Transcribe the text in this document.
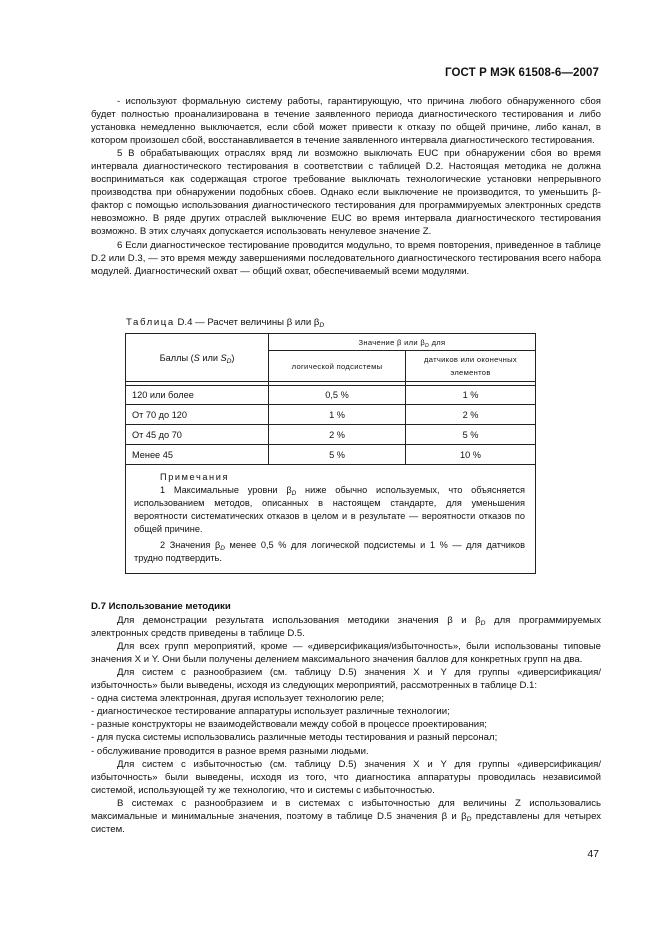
ГОСТ Р МЭК 61508-6—2007

- используют формальную систему работы, гарантирующую, что причина любого обнаруженного сбоя будет полностью проанализирована в течение заявленного периода диагностического тестирования и либо установка немедленно выключается, если сбой может привести к отказу по общей причине, либо канал, в котором произошел сбой, восстанавливается в течение заявленного интервала диагностического тестирования.

5 В обрабатывающих отраслях вряд ли возможно выключать EUC при обнаружении сбоя во время интервала диагностического тестирования в соответствии с таблицей D.2. Настоящая методика не должна восприниматься как содержащая строгое требование выключать технологические установки непрерывного производства при обнаружении подобных сбоев. Однако если выключение не производится, то уменьшить β-фактор с помощью использования диагностического тестирования для программируемых электронных средств невозможно. В ряде других отраслей выключение EUC во время интервала диагностического тестирования возможно. В этих случаях допускается использовать ненулевое значение Z.

6 Если диагностическое тестирование проводится модульно, то время повторения, приведенное в таблице D.2 или D.3, — это время между завершениями последовательного диагностического тестирования всего набора модулей. Диагностический охват — общий охват, обеспечиваемый всеми модулями.

Таблица D.4 — Расчет величины β или $\beta_D$
Баллы (S или $S_D$)	Значение β или $\beta_D$ для	
	логической подсистемы	датчиков или оконечных элементов

120 или более	0,5 %	1 %
От 70 до 120	1 %	2 %
От 45 до 70	2 %	5 %
Менее 45	5 %	10 %

Примечания

1 Максимальные уровни $\beta_D$ ниже обычно используемых, что объясняется использованием методов, описанных в настоящем стандарте, для уменьшения вероятности систематических отказов в целом и в результате — вероятности отказов по общей причине.

2 Значения $\beta_D$ менее 0,5 % для логической подсистемы и 1 % — для датчиков трудно подтвердить.		

D.7 Использование методики

Для демонстрации результата использования методики значения β и $\beta_D$ для программируемых электронных средств приведены в таблице D.5.

Для всех групп мероприятий, кроме — «диверсификация/избыточность», были использованы типовые значения X и Y. Они были получены делением максимального значения баллов для конкретных групп на два.

Для систем с разнообразием (см. таблицу D.5) значения X и Y для группы «диверсификация/избыточность» были выведены, исходя из следующих мероприятий, рассмотренных в таблице D.1:

- одна система электронная, другая использует технологию реле;

- диагностическое тестирование аппаратуры использует различные технологии;

- разные конструкторы не взаимодействовали между собой в процессе проектирования;

- для пуска системы использовались различные методы тестирования и разный персонал;

- обслуживание проводится в разное время разными людьми.

Для систем с избыточностью (см. таблицу D.5) значения X и Y для группы «диверсификация/избыточность» были выведены, исходя из того, что диагностика аппаратуры проводилась независимой системой, использующей ту же технологию, что и системы с избыточностью.

В системах с разнообразием и в системах с избыточностью для величины Z использовались максимальные и минимальные значения, поэтому в таблице D.5 значения β и $\beta_D$ представлены для четырех систем.

47
